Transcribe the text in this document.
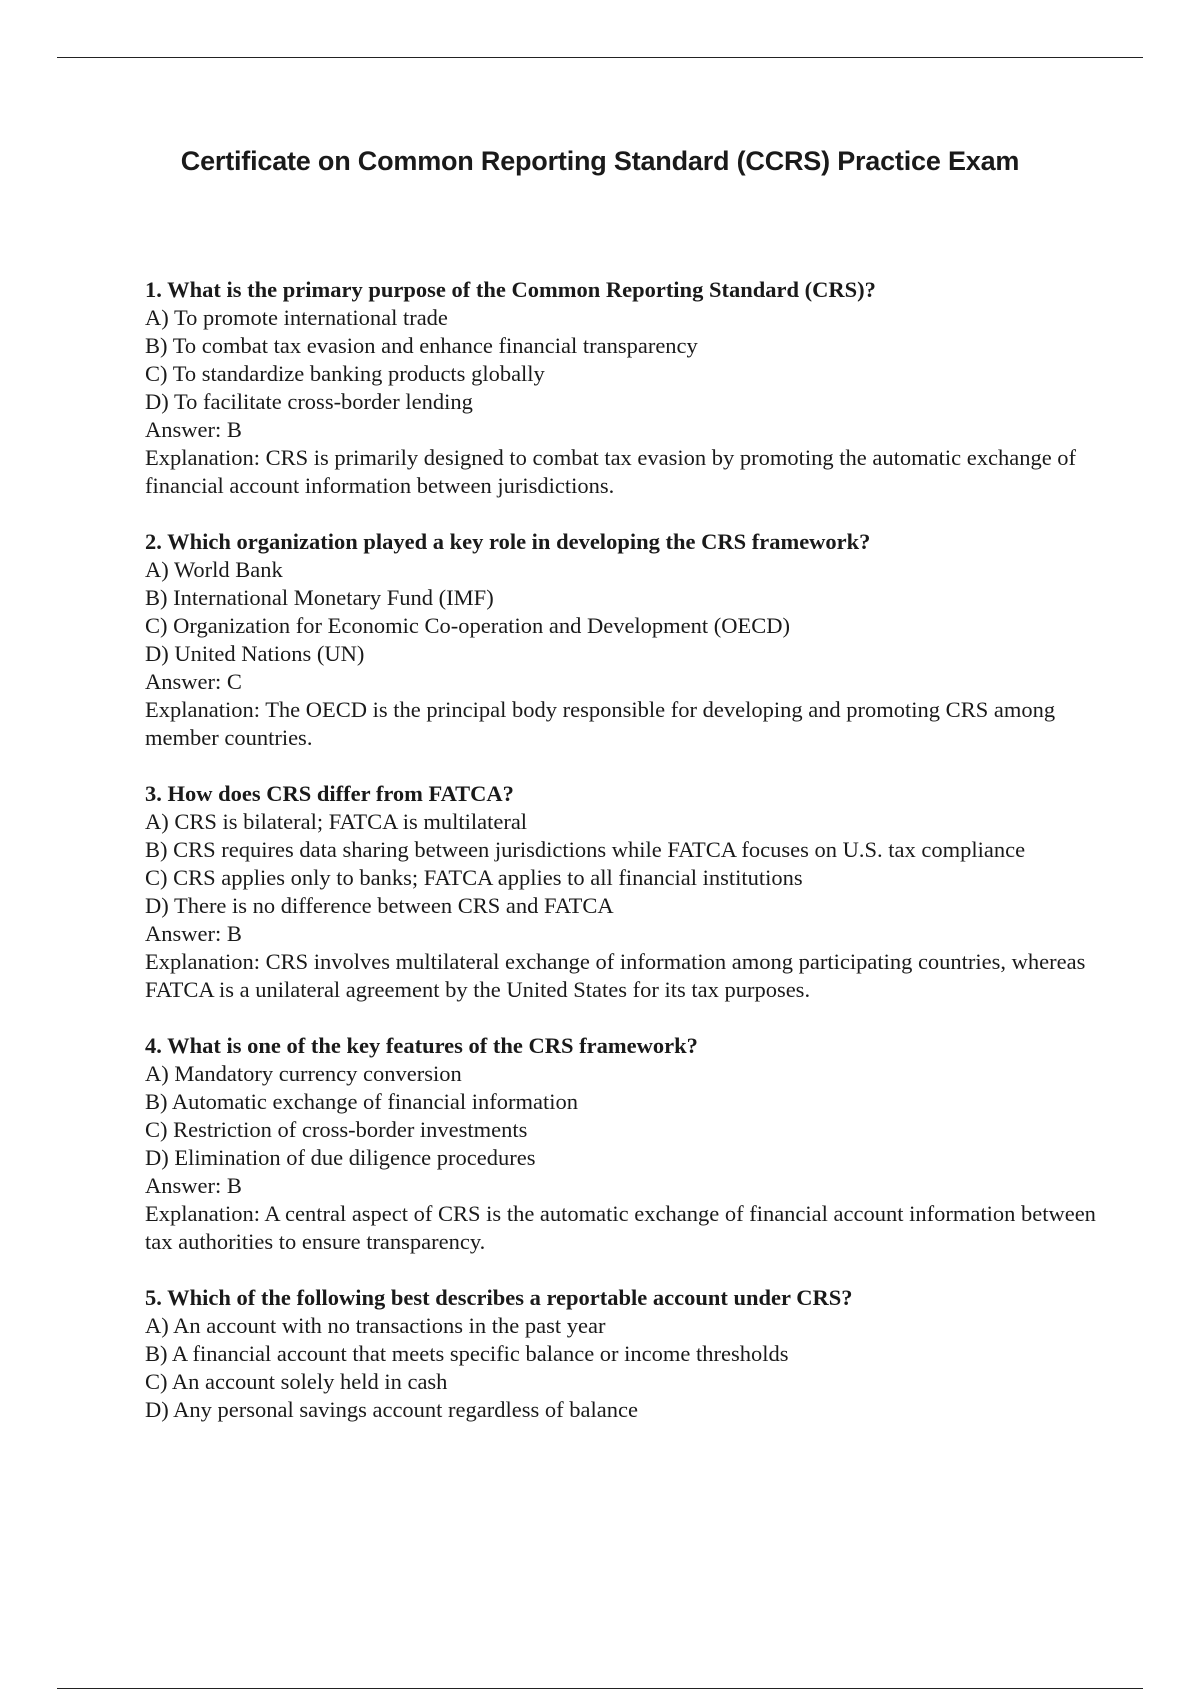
Certificate on Common Reporting Standard (CCRS) Practice Exam
1. What is the primary purpose of the Common Reporting Standard (CRS)?
A) To promote international trade
B) To combat tax evasion and enhance financial transparency
C) To standardize banking products globally
D) To facilitate cross-border lending
Answer: B
Explanation: CRS is primarily designed to combat tax evasion by promoting the automatic exchange of financial account information between jurisdictions.
2. Which organization played a key role in developing the CRS framework?
A) World Bank
B) International Monetary Fund (IMF)
C) Organization for Economic Co-operation and Development (OECD)
D) United Nations (UN)
Answer: C
Explanation: The OECD is the principal body responsible for developing and promoting CRS among member countries.
3. How does CRS differ from FATCA?
A) CRS is bilateral; FATCA is multilateral
B) CRS requires data sharing between jurisdictions while FATCA focuses on U.S. tax compliance
C) CRS applies only to banks; FATCA applies to all financial institutions
D) There is no difference between CRS and FATCA
Answer: B
Explanation: CRS involves multilateral exchange of information among participating countries, whereas FATCA is a unilateral agreement by the United States for its tax purposes.
4. What is one of the key features of the CRS framework?
A) Mandatory currency conversion
B) Automatic exchange of financial information
C) Restriction of cross-border investments
D) Elimination of due diligence procedures
Answer: B
Explanation: A central aspect of CRS is the automatic exchange of financial account information between tax authorities to ensure transparency.
5. Which of the following best describes a reportable account under CRS?
A) An account with no transactions in the past year
B) A financial account that meets specific balance or income thresholds
C) An account solely held in cash
D) Any personal savings account regardless of balance
